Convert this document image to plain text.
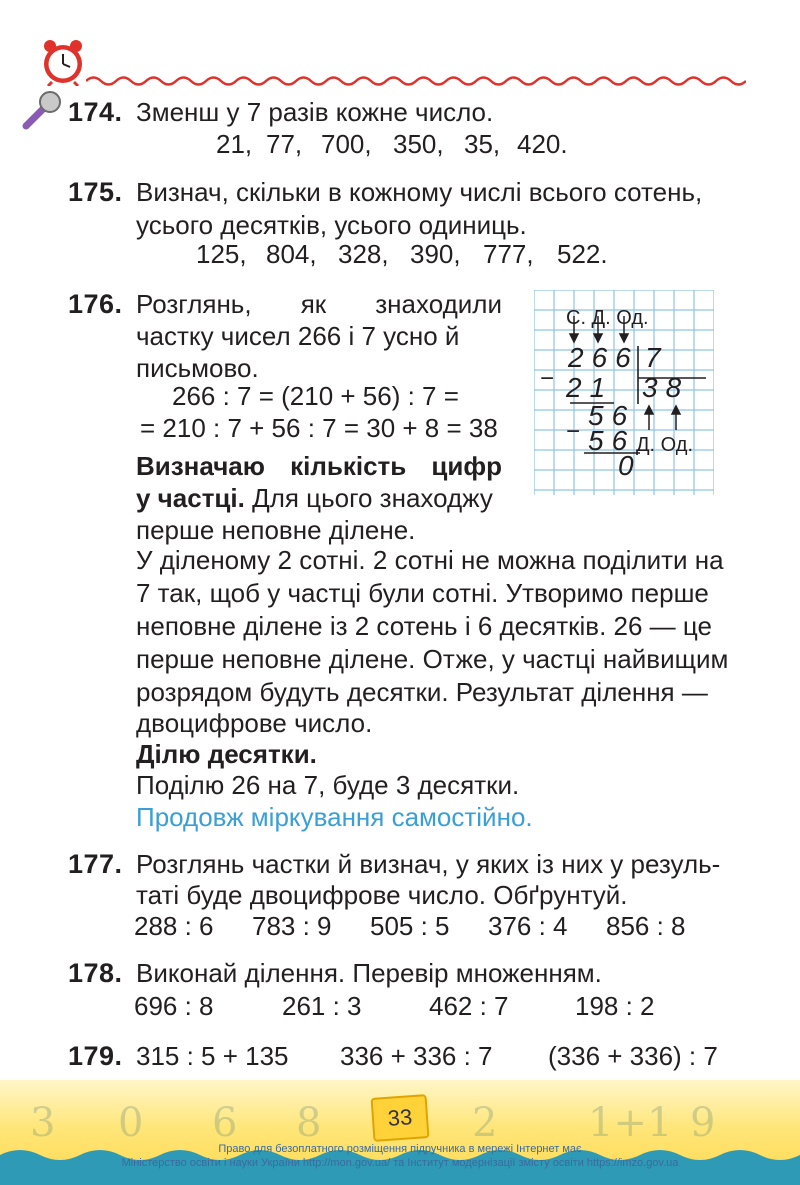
174. Зменш у 7 разів кожне число.
21, 77, 700, 350, 35, 420.
175. Визнач, скільки в кожному числі всього сотень,
усього десятків, усього одиниць.
125, 804, 328, 390, 777, 522.
176. Розглянь, як знаходили
частку чисел 266 і 7 усно й
письмово.
266 : 7 = (210 + 56) : 7 =
= 210 : 7 + 56 : 7 = 30 + 8 = 38
Визначаю кількість цифр
у частці. Для цього знаходжу
перше неповне ділене.
У діленому 2 сотні. 2 сотні не можна поділити на
7 так, щоб у частці були сотні. Утворимо перше
неповне ділене із 2 сотень і 6 десятків. 26 — це
перше неповне ділене. Отже, у частці найвищим
розрядом будуть десятки. Результат ділення —
двоцифрове число.
Ділю десятки.
Поділю 26 на 7, буде 3 десятки.
Продовж міркування самостійно.
С. Д. Од.
266 7
− 21 38
56
− 56 Д. Од.
0
177. Розглянь частки й визнач, у яких із них у резуль-
таті буде двоцифрове число. Обґрунтуй.
288 : 6	783 : 9	505 : 5	376 : 4	856 : 8
178. Виконай ділення. Перевір множенням.
696 : 8	261 : 3	462 : 7	198 : 2
179. 315 : 5 + 135	336 + 336 : 7	(336 + 336) : 7
3 0 6 8	2 1+1 9
33
Право для безоплатного розміщення підручника в мережі Інтернет має
Міністерство освіти і науки України http://mon.gov.ua/ та Інститут модернізації змісту освіти https://imzo.gov.ua
